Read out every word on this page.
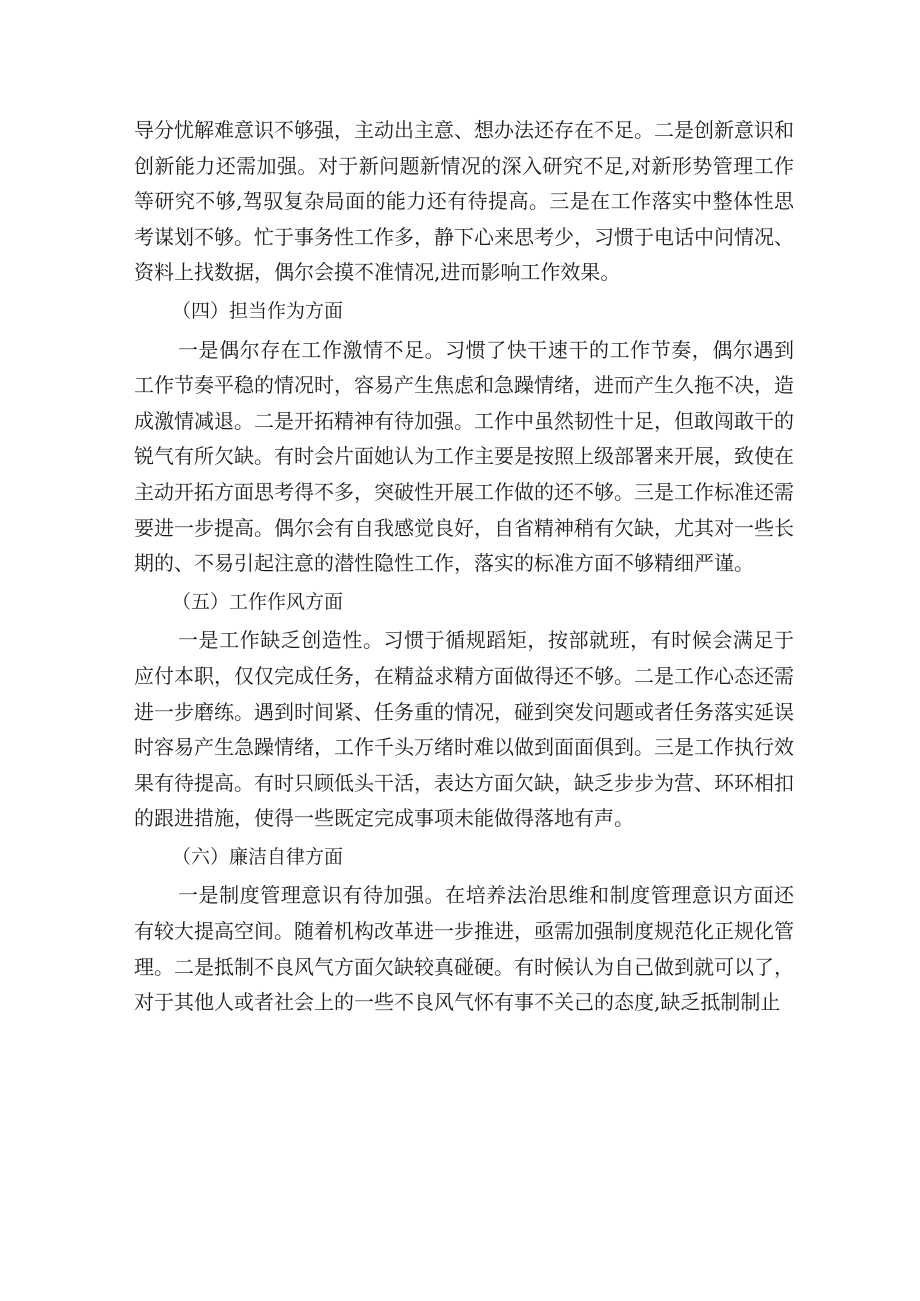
导分忧解难意识不够强，主动出主意、想办法还存在不足。二是创新意识和创新能力还需加强。对于新问题新情况的深入研究不足,对新形势管理工作等研究不够,驾驭复杂局面的能力还有待提高。三是在工作落实中整体性思考谋划不够。忙于事务性工作多，静下心来思考少，习惯于电话中问情况、资料上找数据，偶尔会摸不准情况,进而影响工作效果。

（四）担当作为方面

一是偶尔存在工作激情不足。习惯了快干速干的工作节奏，偶尔遇到工作节奏平稳的情况时，容易产生焦虑和急躁情绪，进而产生久拖不决，造成激情减退。二是开拓精神有待加强。工作中虽然韧性十足，但敢闯敢干的锐气有所欠缺。有时会片面她认为工作主要是按照上级部署来开展，致使在主动开拓方面思考得不多，突破性开展工作做的还不够。三是工作标准还需要进一步提高。偶尔会有自我感觉良好，自省精神稍有欠缺，尤其对一些长期的、不易引起注意的潜性隐性工作，落实的标准方面不够精细严谨。

（五）工作作风方面

一是工作缺乏创造性。习惯于循规蹈矩，按部就班，有时候会满足于应付本职，仅仅完成任务，在精益求精方面做得还不够。二是工作心态还需进一步磨练。遇到时间紧、任务重的情况，碰到突发问题或者任务落实延误时容易产生急躁情绪，工作千头万绪时难以做到面面俱到。三是工作执行效果有待提高。有时只顾低头干活，表达方面欠缺，缺乏步步为营、环环相扣的跟进措施，使得一些既定完成事项未能做得落地有声。

（六）廉洁自律方面

一是制度管理意识有待加强。在培养法治思维和制度管理意识方面还有较大提高空间。随着机构改革进一步推进，亟需加强制度规范化正规化管理。二是抵制不良风气方面欠缺较真碰硬。有时候认为自己做到就可以了，对于其他人或者社会上的一些不良风气怀有事不关己的态度,缺乏抵制制止
